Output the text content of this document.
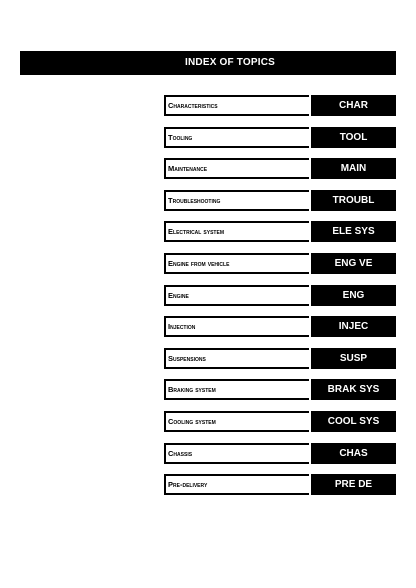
INDEX OF TOPICS
Characteristics	CHAR
Tooling	TOOL
Maintenance	MAIN
Troubleshooting	TROUBL
Electrical system	ELE SYS
Engine from vehicle	ENG VE
Engine	ENG
Injection	INJEC
Suspensions	SUSP
Braking system	BRAK SYS
Cooling system	COOL SYS
Chassis	CHAS
Pre-delivery	PRE DE
